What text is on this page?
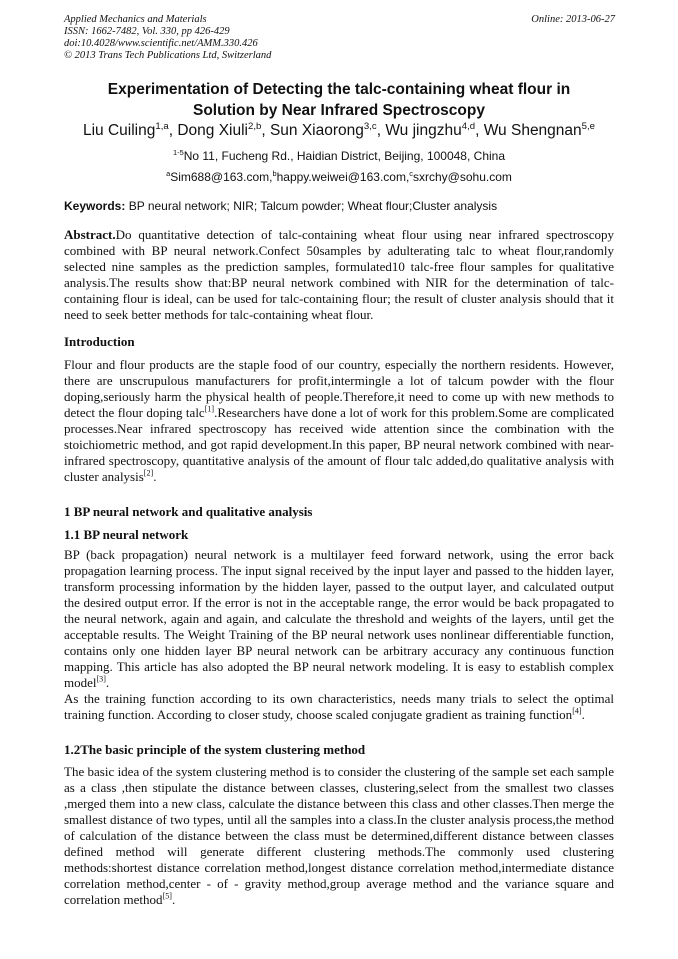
Applied Mechanics and Materials
ISSN: 1662-7482, Vol. 330, pp 426-429
doi:10.4028/www.scientific.net/AMM.330.426
© 2013 Trans Tech Publications Ltd, Switzerland
Online: 2013-06-27
Experimentation of Detecting the talc-containing wheat flour in
Solution by Near Infrared Spectroscopy
Liu Cuiling$^{1,a}$, Dong Xiuli$^{2,b}$, Sun Xiaorong$^{3,c}$, Wu jingzhu$^{4,d}$, Wu Shengnan$^{5,e}$
$^{1-5}$No 11, Fucheng Rd., Haidian District, Beijing, 100048, China
$^a$Sim688@163.com,$^b$happy.weiwei@163.com,$^c$sxrchy@sohu.com
Keywords: BP neural network; NIR; Talcum powder; Wheat flour;Cluster analysis
Abstract.Do quantitative detection of talc-containing wheat flour using near infrared spectroscopy combined with BP neural network.Confect 50samples by adulterating talc to wheat flour,randomly selected nine samples as the prediction samples, formulated10 talc-free flour samples for qualitative analysis.The results show that:BP neural network combined with NIR for the determination of talc-containing flour is ideal, can be used for talc-containing flour; the result of cluster analysis should that it need to seek better methods for talc-containing wheat flour.
Introduction
Flour and flour products are the staple food of our country, especially the northern residents. However, there are unscrupulous manufacturers for profit,intermingle a lot of talcum powder with the flour doping,seriously harm the physical health of people.Therefore,it need to come up with new methods to detect the flour doping talc[1].Researchers have done a lot of work for this problem.Some are complicated processes.Near infrared spectroscopy has received wide attention since the combination with the stoichiometric method, and got rapid development.In this paper, BP neural network combined with near-infrared spectroscopy, quantitative analysis of the amount of flour talc added,do qualitative analysis with cluster analysis[2].
1 BP neural network and qualitative analysis
1.1 BP neural network
BP (back propagation) neural network is a multilayer feed forward network, using the error back propagation learning process. The input signal received by the input layer and passed to the hidden layer, transform processing information by the hidden layer, passed to the output layer, and calculated output the desired output error. If the error is not in the acceptable range, the error would be back propagated to the neural network, again and again, and calculate the threshold and weights of the layers, until get the acceptable results. The Weight Training of the BP neural network uses nonlinear differentiable function, contains only one hidden layer BP neural network can be arbitrary accuracy any continuous function mapping. This article has also adopted the BP neural network modeling. It is easy to establish complex model[3].
As the training function according to its own characteristics, needs many trials to select the optimal training function. According to closer study, choose scaled conjugate gradient as training function[4].
1.2The basic principle of the system clustering method
The basic idea of the system clustering method is to consider the clustering of the sample set each sample as a class ,then stipulate the distance between classes, clustering,select from the smallest two classes ,merged them into a new class, calculate the distance between this class and other classes.Then merge the smallest distance of two types, until all the samples into a class.In the cluster analysis process,the method of calculation of the distance between the class must be determined,different distance between classes defined method will generate different clustering methods.The commonly used clustering methods:shortest distance correlation method,longest distance correlation method,intermediate distance correlation method,center - of - gravity method,group average method and the variance square and correlation method[5].
